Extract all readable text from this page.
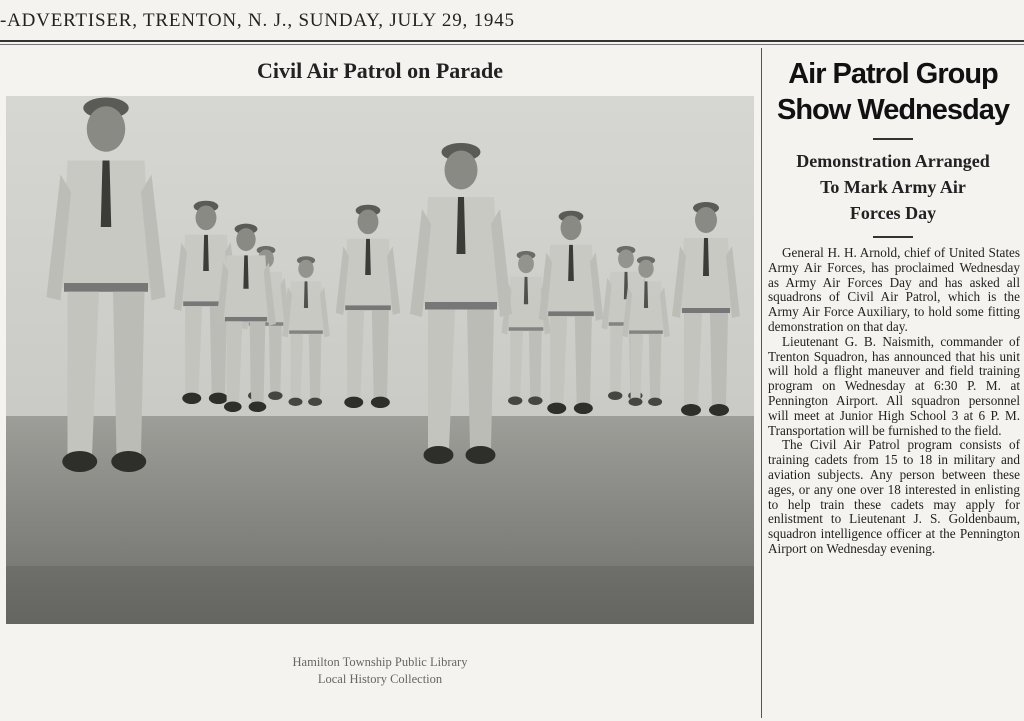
-ADVERTISER, TRENTON, N. J., SUNDAY, JULY 29, 1945
Civil Air Patrol on Parade
Hamilton Township Public Library
Local History Collection
Air Patrol Group
Show Wednesday
Demonstration Arranged
To Mark Army Air
Forces Day

General H. H. Arnold, chief of United States Army Air Forces, has proclaimed Wednesday as Army Air Forces Day and has asked all squadrons of Civil Air Patrol, which is the Army Air Force Auxiliary, to hold some fitting demonstration on that day.

Lieutenant G. B. Naismith, commander of Trenton Squadron, has announced that his unit will hold a flight maneuver and field training program on Wednesday at 6:30 P. M. at Pennington Airport. All squadron personnel will meet at Junior High School 3 at 6 P. M. Transportation will be furnished to the field.

The Civil Air Patrol program consists of training cadets from 15 to 18 in military and aviation subjects. Any person between these ages, or any one over 18 interested in enlisting to help train these cadets may apply for enlistment to Lieutenant J. S. Goldenbaum, squadron intelligence officer at the Pennington Airport on Wednesday evening.
